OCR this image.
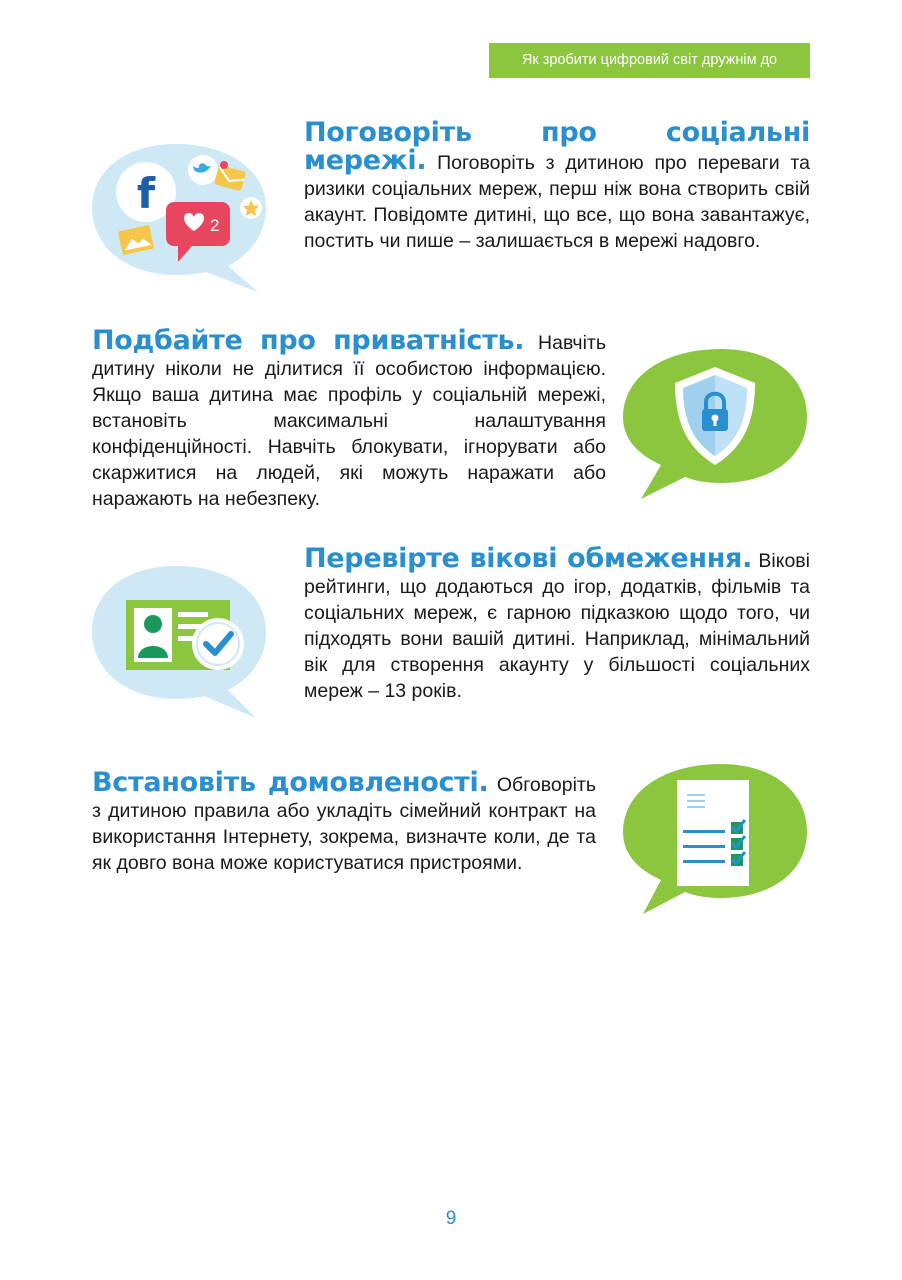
Як зробити цифровий світ дружнім до
f
2

Поговоріть про соціальні мережі. Поговоріть з дитиною про переваги та ризики соціальних мереж, перш ніж вона створить свій акаунт. Повідомте дитині, що все, що вона завантажує, постить чи пише – залишається в мережі надовго.

Подбайте про приватність. Навчіть дитину ніколи не ділитися її особистою інформацією. Якщо ваша дитина має профіль у соціальній мережі, встановіть максимальні налаштування конфіденційності. Навчіть блокувати, ігнорувати або скаржитися на людей, які можуть наражати або наражають на небезпеку.

Перевірте вікові обмеження. Вікові рейтинги, що додаються до ігор, додатків, фільмів та соціальних мереж, є гарною підказкою щодо того, чи підходять вони вашій дитині. Наприклад, мінімальний вік для створення акаунту у більшості соціальних мереж – 13 років.

Встановіть домовленості. Обговоріть з дитиною правила або укладіть сімейний контракт на використання Інтернету, зокрема, визначте коли, де та як довго вона може користуватися пристроями.

9
